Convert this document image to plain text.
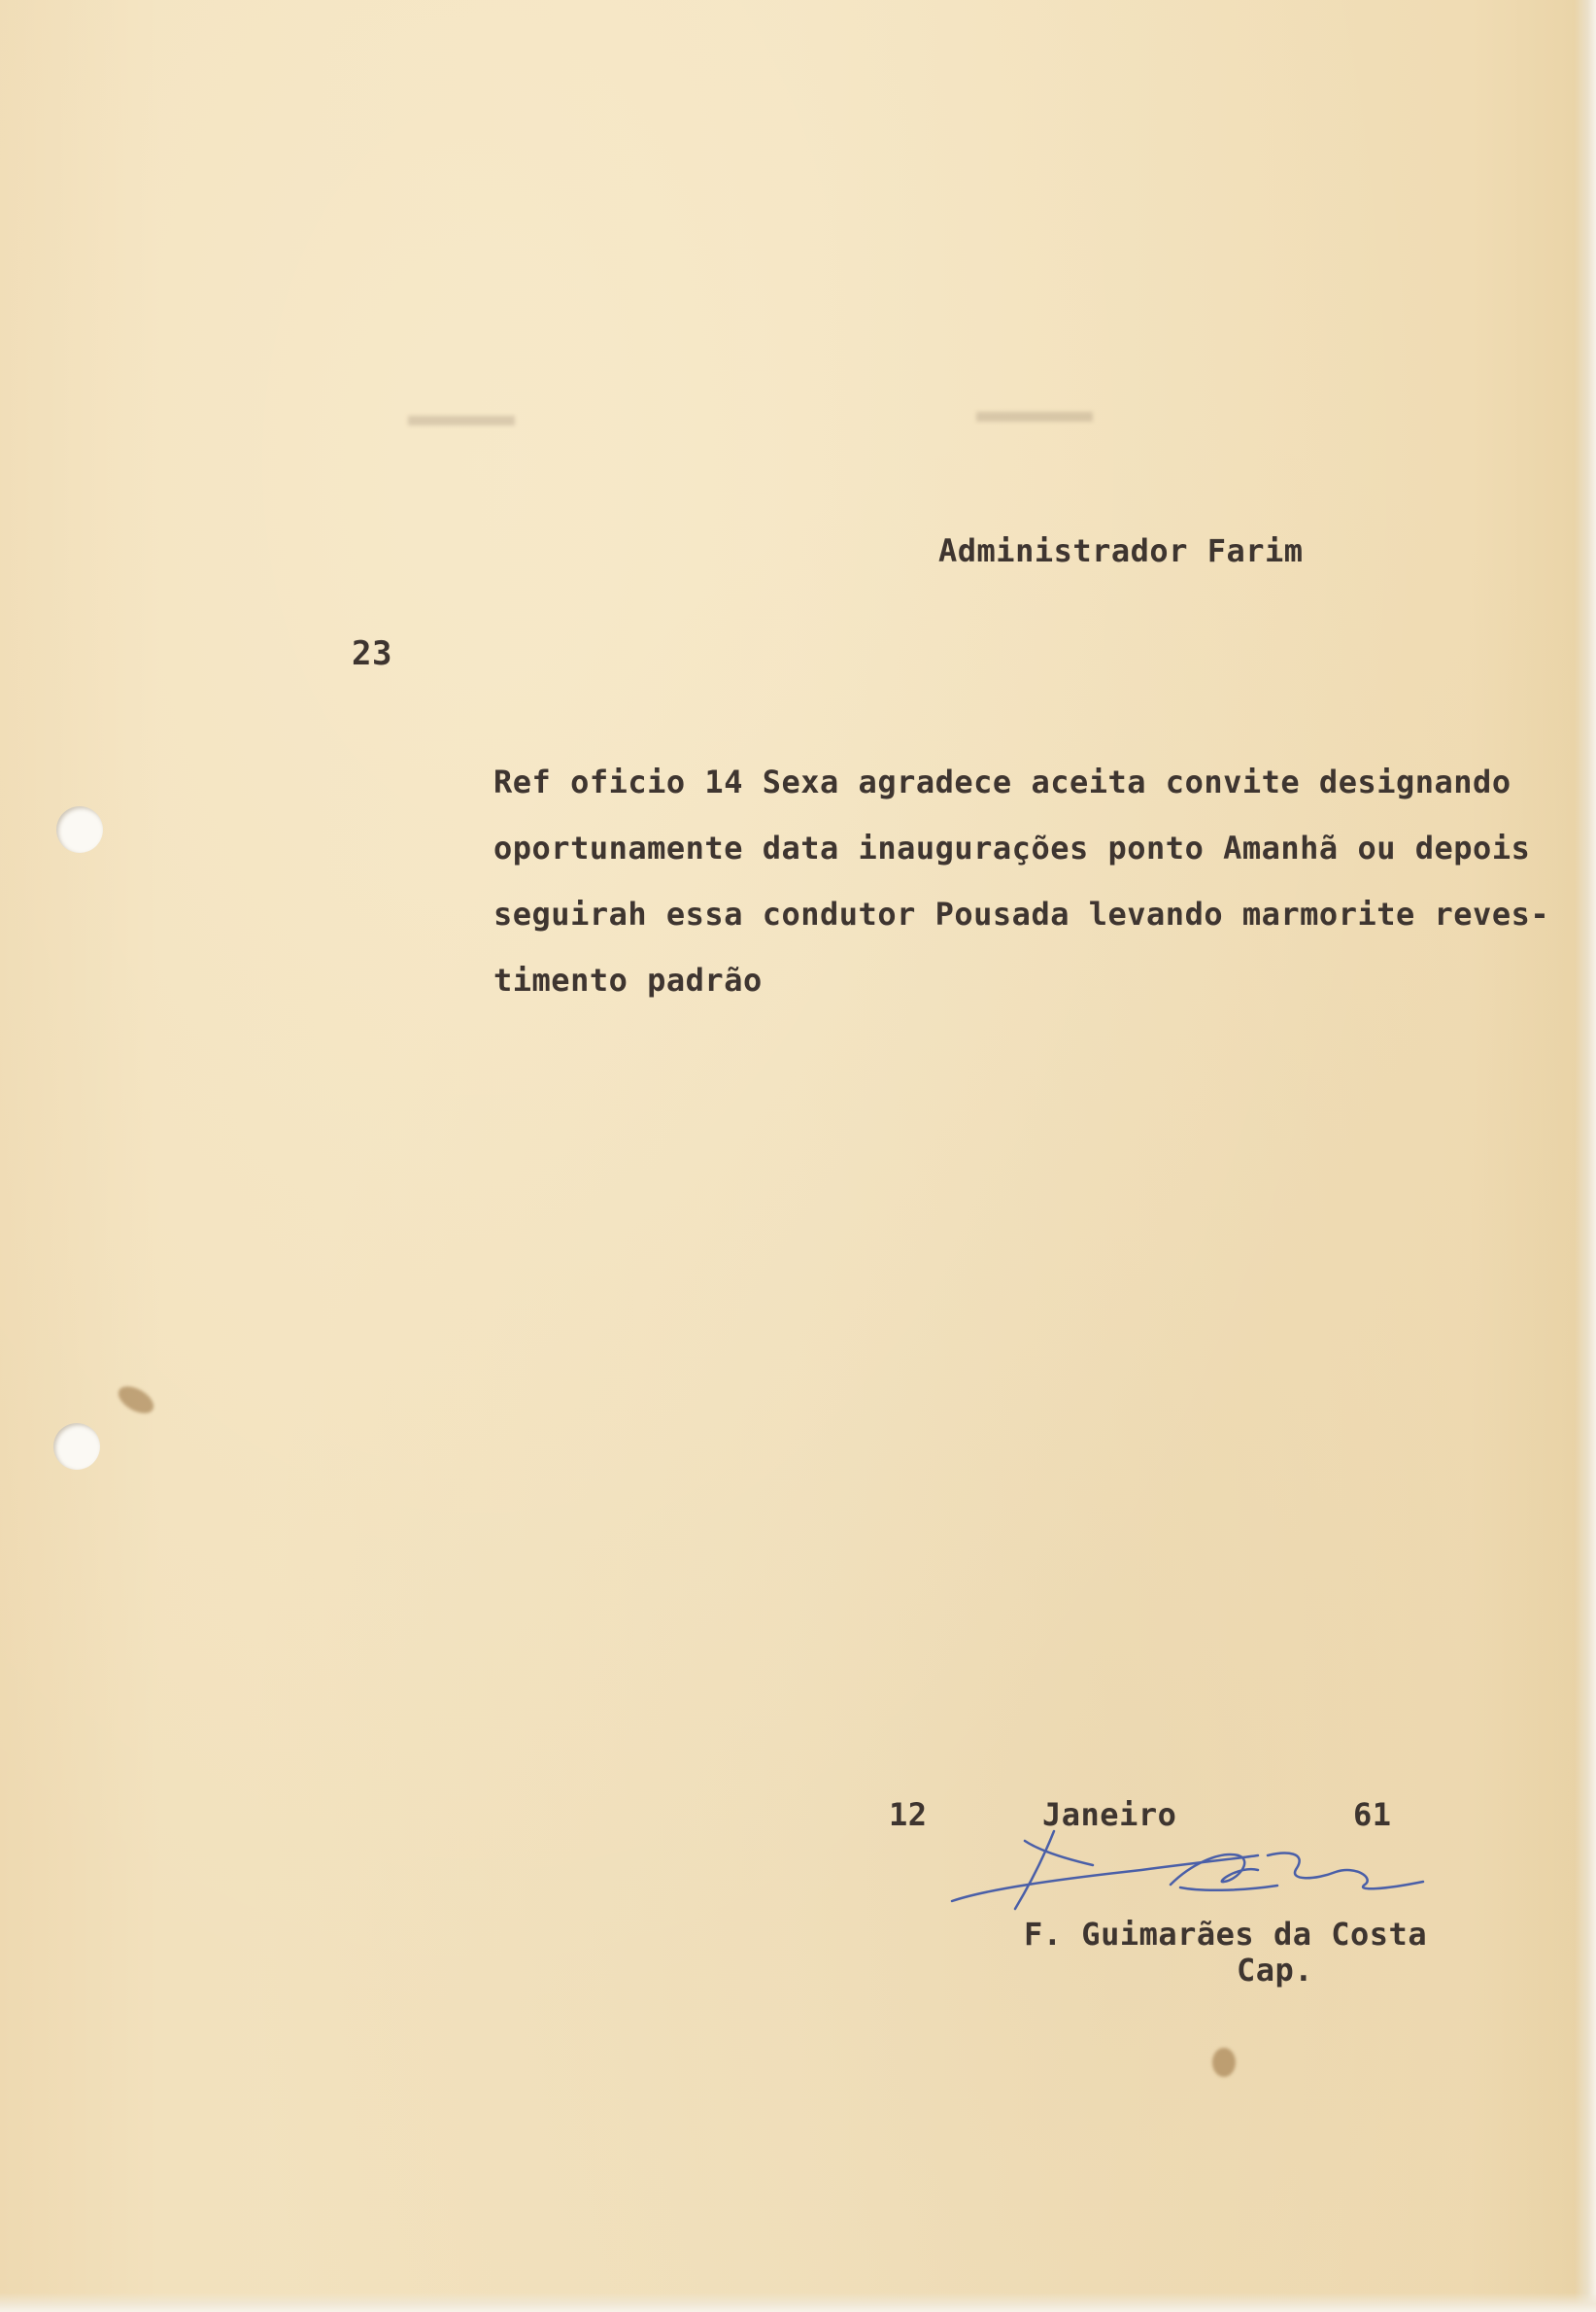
Administrador Farim
23
Ref oficio 14 Sexa agradece aceita convite designando
oportunamente data inaugurações ponto Amanhã ou depois
seguirah essa condutor Pousada levando marmorite reves-
timento padrão
12	Janeiro	61
F. Guimarães da Costa
Cap.
